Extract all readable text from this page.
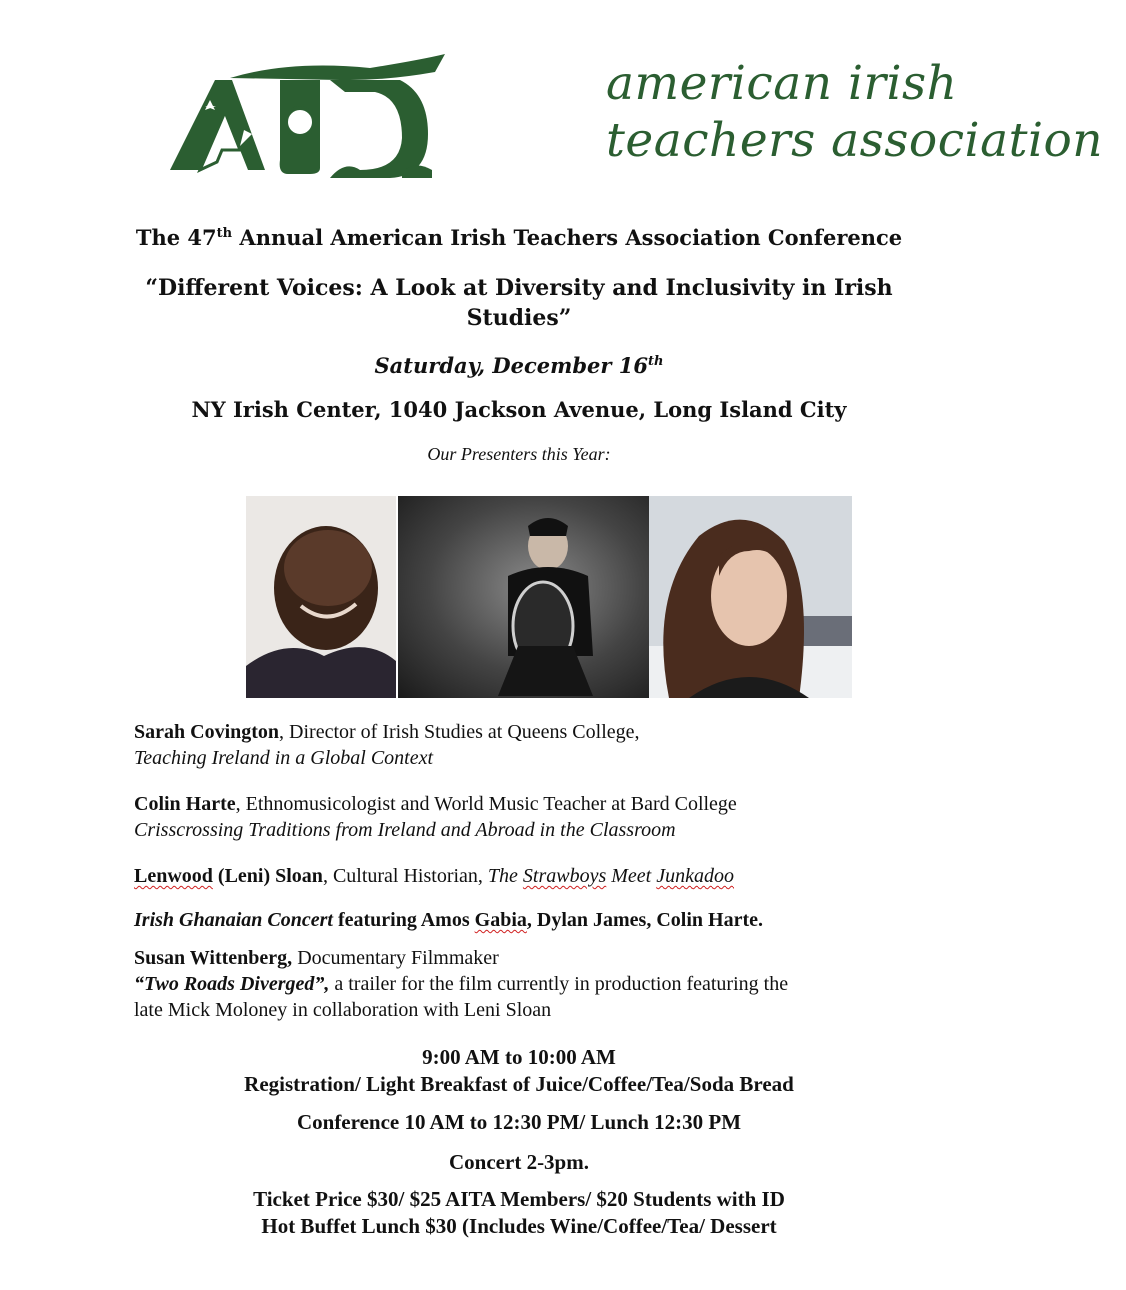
american irish
teachers association
The 47th Annual American Irish Teachers Association Conference
“Different Voices: A Look at Diversity and Inclusivity in Irish
Studies”
Saturday, December 16th
NY Irish Center, 1040 Jackson Avenue, Long Island City
Our Presenters this Year:
Sarah Covington, Director of Irish Studies at Queens College,
Teaching Ireland in a Global Context
Colin Harte, Ethnomusicologist and World Music Teacher at Bard College
Crisscrossing Traditions from Ireland and Abroad in the Classroom
Lenwood (Leni) Sloan, Cultural Historian, The Strawboys Meet Junkadoo
Irish Ghanaian Concert featuring Amos Gabia, Dylan James, Colin Harte.
Susan Wittenberg, Documentary Filmmaker
“Two Roads Diverged”, a trailer for the film currently in production featuring the
late Mick Moloney in collaboration with Leni Sloan
9:00 AM to 10:00 AM
Registration/ Light Breakfast of Juice/Coffee/Tea/Soda Bread
Conference 10 AM to 12:30 PM/ Lunch 12:30 PM
Concert 2-3pm.
Ticket Price $30/ $25 AITA Members/ $20 Students with ID
Hot Buffet Lunch $30 (Includes Wine/Coffee/Tea/ Dessert
